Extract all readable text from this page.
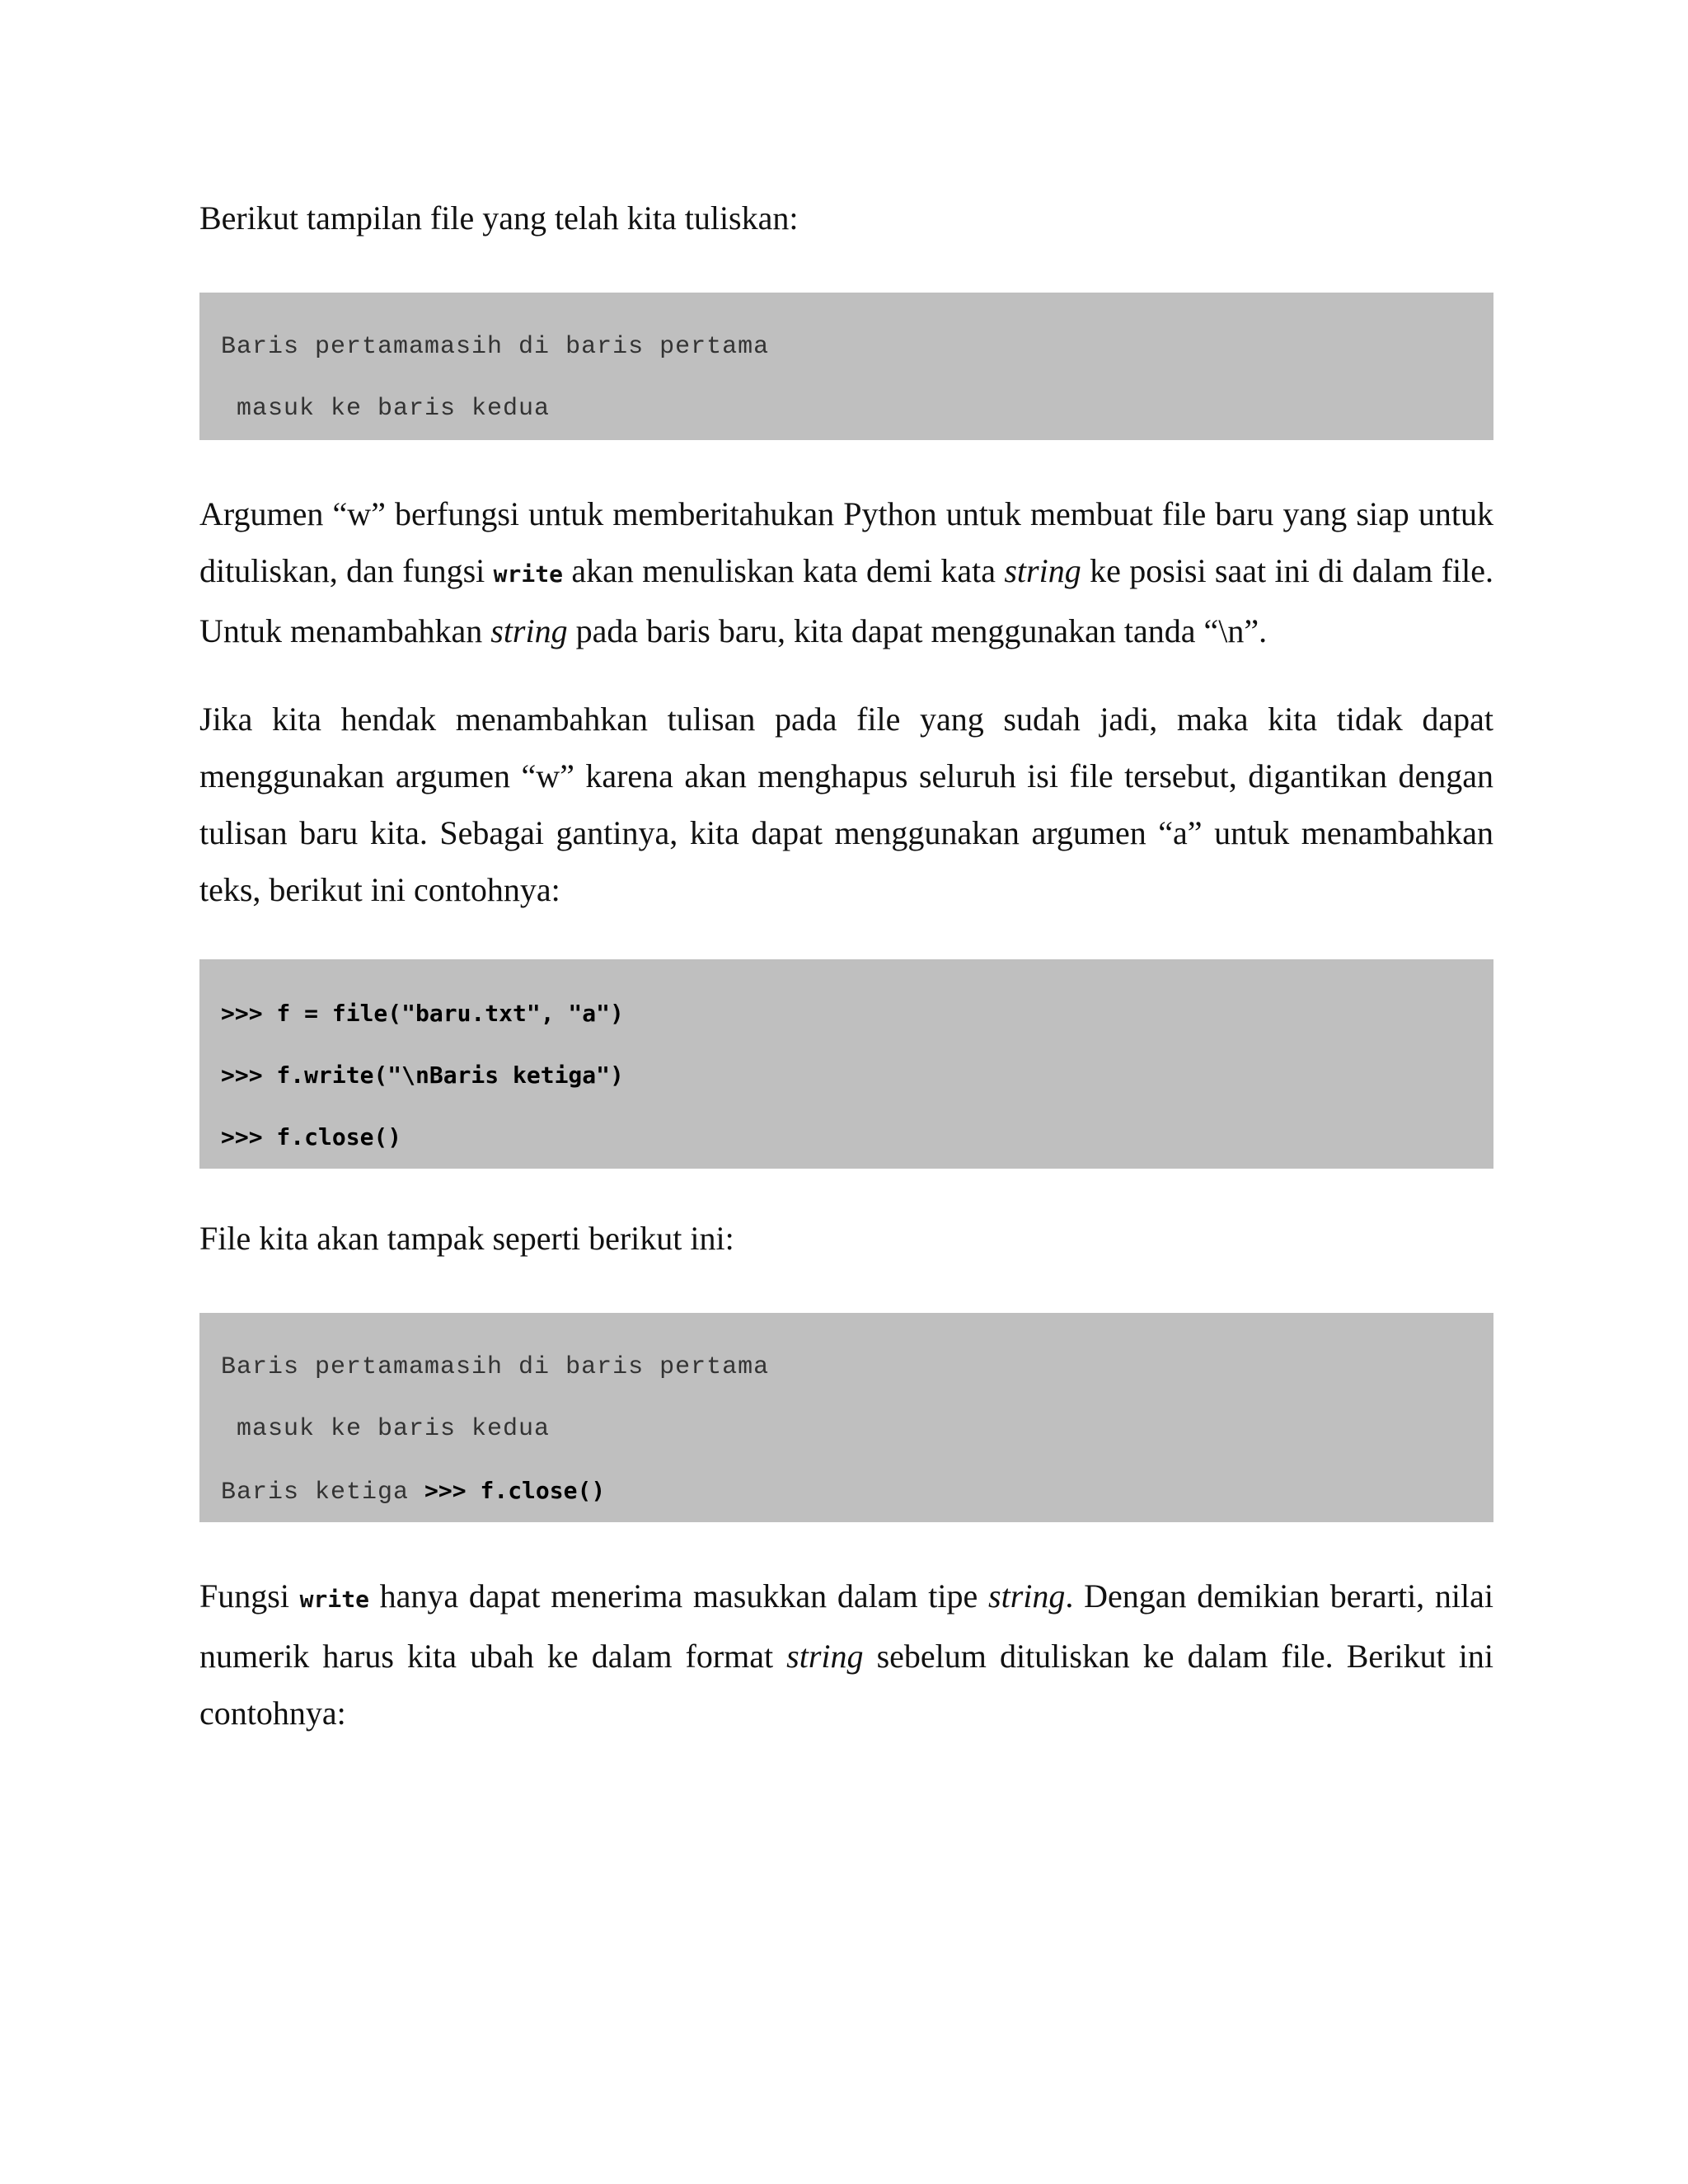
Berikut tampilan file yang telah kita tuliskan:

Baris pertamamasih di baris pertama
masuk ke baris kedua

Argumen “w” berfungsi untuk memberitahukan Python untuk membuat file baru yang siap untuk dituliskan, dan fungsi write akan menuliskan kata demi kata string ke posisi saat ini di dalam file. Untuk menambahkan string pada baris baru, kita dapat menggunakan tanda “\n”.

Jika kita hendak menambahkan tulisan pada file yang sudah jadi, maka kita tidak dapat menggunakan argumen “w” karena akan menghapus seluruh isi file tersebut, digantikan dengan tulisan baru kita. Sebagai gantinya, kita dapat menggunakan argumen “a” untuk menambahkan teks, berikut ini contohnya:

>>> f = file("baru.txt", "a")
>>> f.write("\nBaris ketiga")
>>> f.close()

File kita akan tampak seperti berikut ini:

Baris pertamamasih di baris pertama
masuk ke baris kedua
Baris ketiga >>> f.close()

Fungsi write hanya dapat menerima masukkan dalam tipe string. Dengan demikian berarti, nilai numerik harus kita ubah ke dalam format string sebelum dituliskan ke dalam file. Berikut ini contohnya:
